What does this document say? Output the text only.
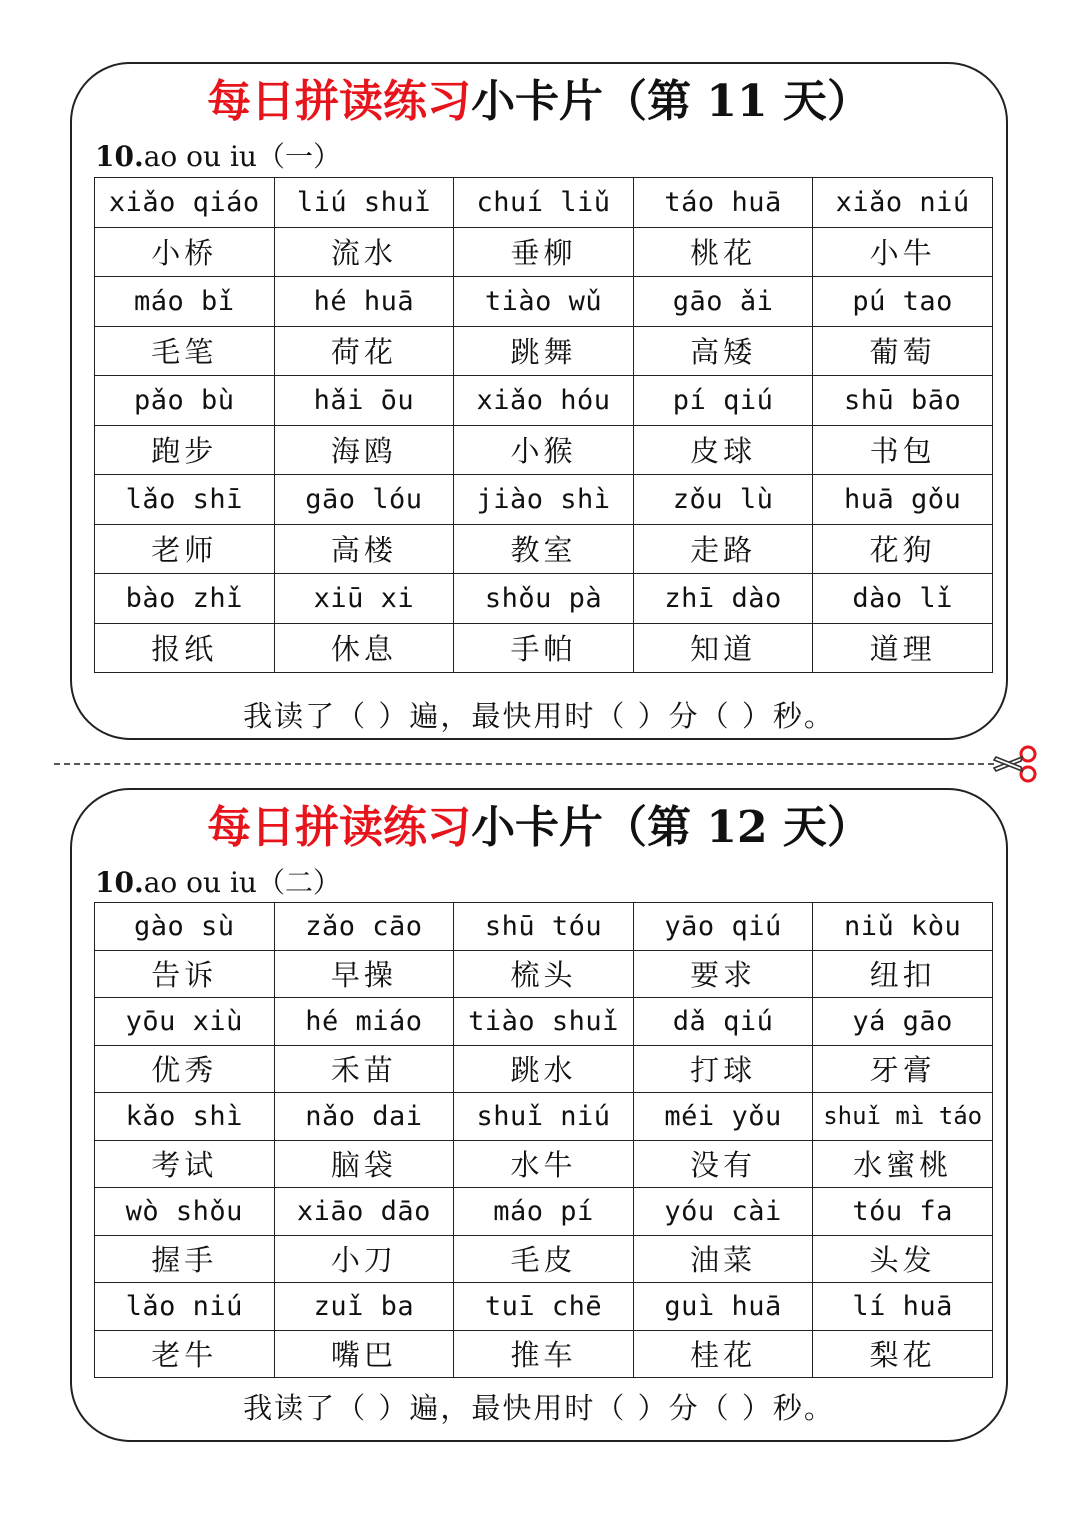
每日拼读练习小卡片（第 11 天）
10.ao ou iu（一）
xiǎo qiáo	liú shuǐ	chuí liǔ	táo huā	xiǎo niú
小桥	流水	垂柳	桃花	小牛
máo bǐ	hé huā	tiào wǔ	gāo ǎi	pú tao
毛笔	荷花	跳舞	高矮	葡萄
pǎo bù	hǎi ōu	xiǎo hóu	pí qiú	shū bāo
跑步	海鸥	小猴	皮球	书包
lǎo shī	gāo lóu	jiào shì	zǒu lù	huā gǒu
老师	高楼	教室	走路	花狗
bào zhǐ	xiū xi	shǒu pà	zhī dào	dào lǐ
报纸	休息	手帕	知道	道理
我读了（ ）遍，最快用时（ ）分（ ）秒。
每日拼读练习小卡片（第 12 天）
10.ao ou iu（二）
gào sù	zǎo cāo	shū tóu	yāo qiú	niǔ kòu
告诉	早操	梳头	要求	纽扣
yōu xiù	hé miáo	tiào shuǐ	dǎ qiú	yá gāo
优秀	禾苗	跳水	打球	牙膏
kǎo shì	nǎo dai	shuǐ niú	méi yǒu	shuǐ mì táo
考试	脑袋	水牛	没有	水蜜桃
wò shǒu	xiāo dāo	máo pí	yóu cài	tóu fa
握手	小刀	毛皮	油菜	头发
lǎo niú	zuǐ ba	tuī chē	guì huā	lí huā
老牛	嘴巴	推车	桂花	梨花
我读了（ ）遍，最快用时（ ）分（ ）秒。
